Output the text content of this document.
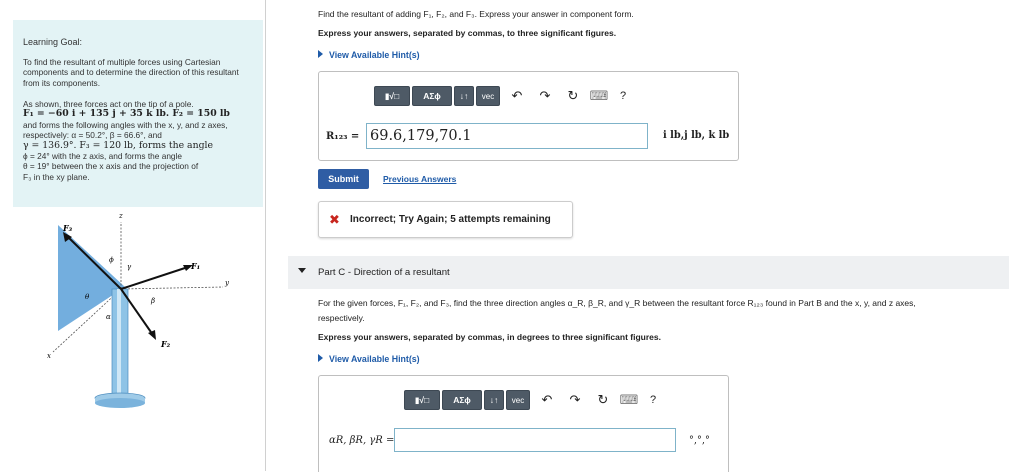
Learning Goal:
To find the resultant of multiple forces using Cartesian components and to determine the direction of this resultant from its components.
As shown, three forces act on the tip of a pole.
F₁ = −60 i + 135 j + 35 k lb. F₂ = 150 lb
and forms the following angles with the x, y, and z axes, respectively: α = 50.2°, β = 66.6°, and
γ = 136.9°. F₃ = 120 lb, forms the angle
ϕ = 24° with the z axis, and forms the angle
θ = 19° between the x axis and the projection of
F₃ in the xy plane.
F₃
F₁
F₂
z
y
x
ϕ
γ
β
θ
α
Find the resultant of adding F₁, F₂, and F₃. Express your answer in component form.
Express your answers, separated by commas, to three significant figures.
View Available Hint(s)
▮√□	ΑΣϕ	↓↑	vec	↶ ↷ ↻ ⌨	?
R₁₂₃ = 69.6,179,70.1	i lb,j lb, k lb
Submit	Previous Answers
✖ Incorrect; Try Again; 5 attempts remaining
Part C - Direction of a resultant
For the given forces, F₁, F₂, and F₃, find the three direction angles α_R, β_R, and γ_R between the resultant force R₁₂₃ found in Part B and the x, y, and z axes,
respectively.
Express your answers, separated by commas, in degrees to three significant figures.
View Available Hint(s)
▮√□	ΑΣϕ	↓↑	vec	↶ ↷ ↻ ⌨	?
αR, βR, γR =	°,°,°
